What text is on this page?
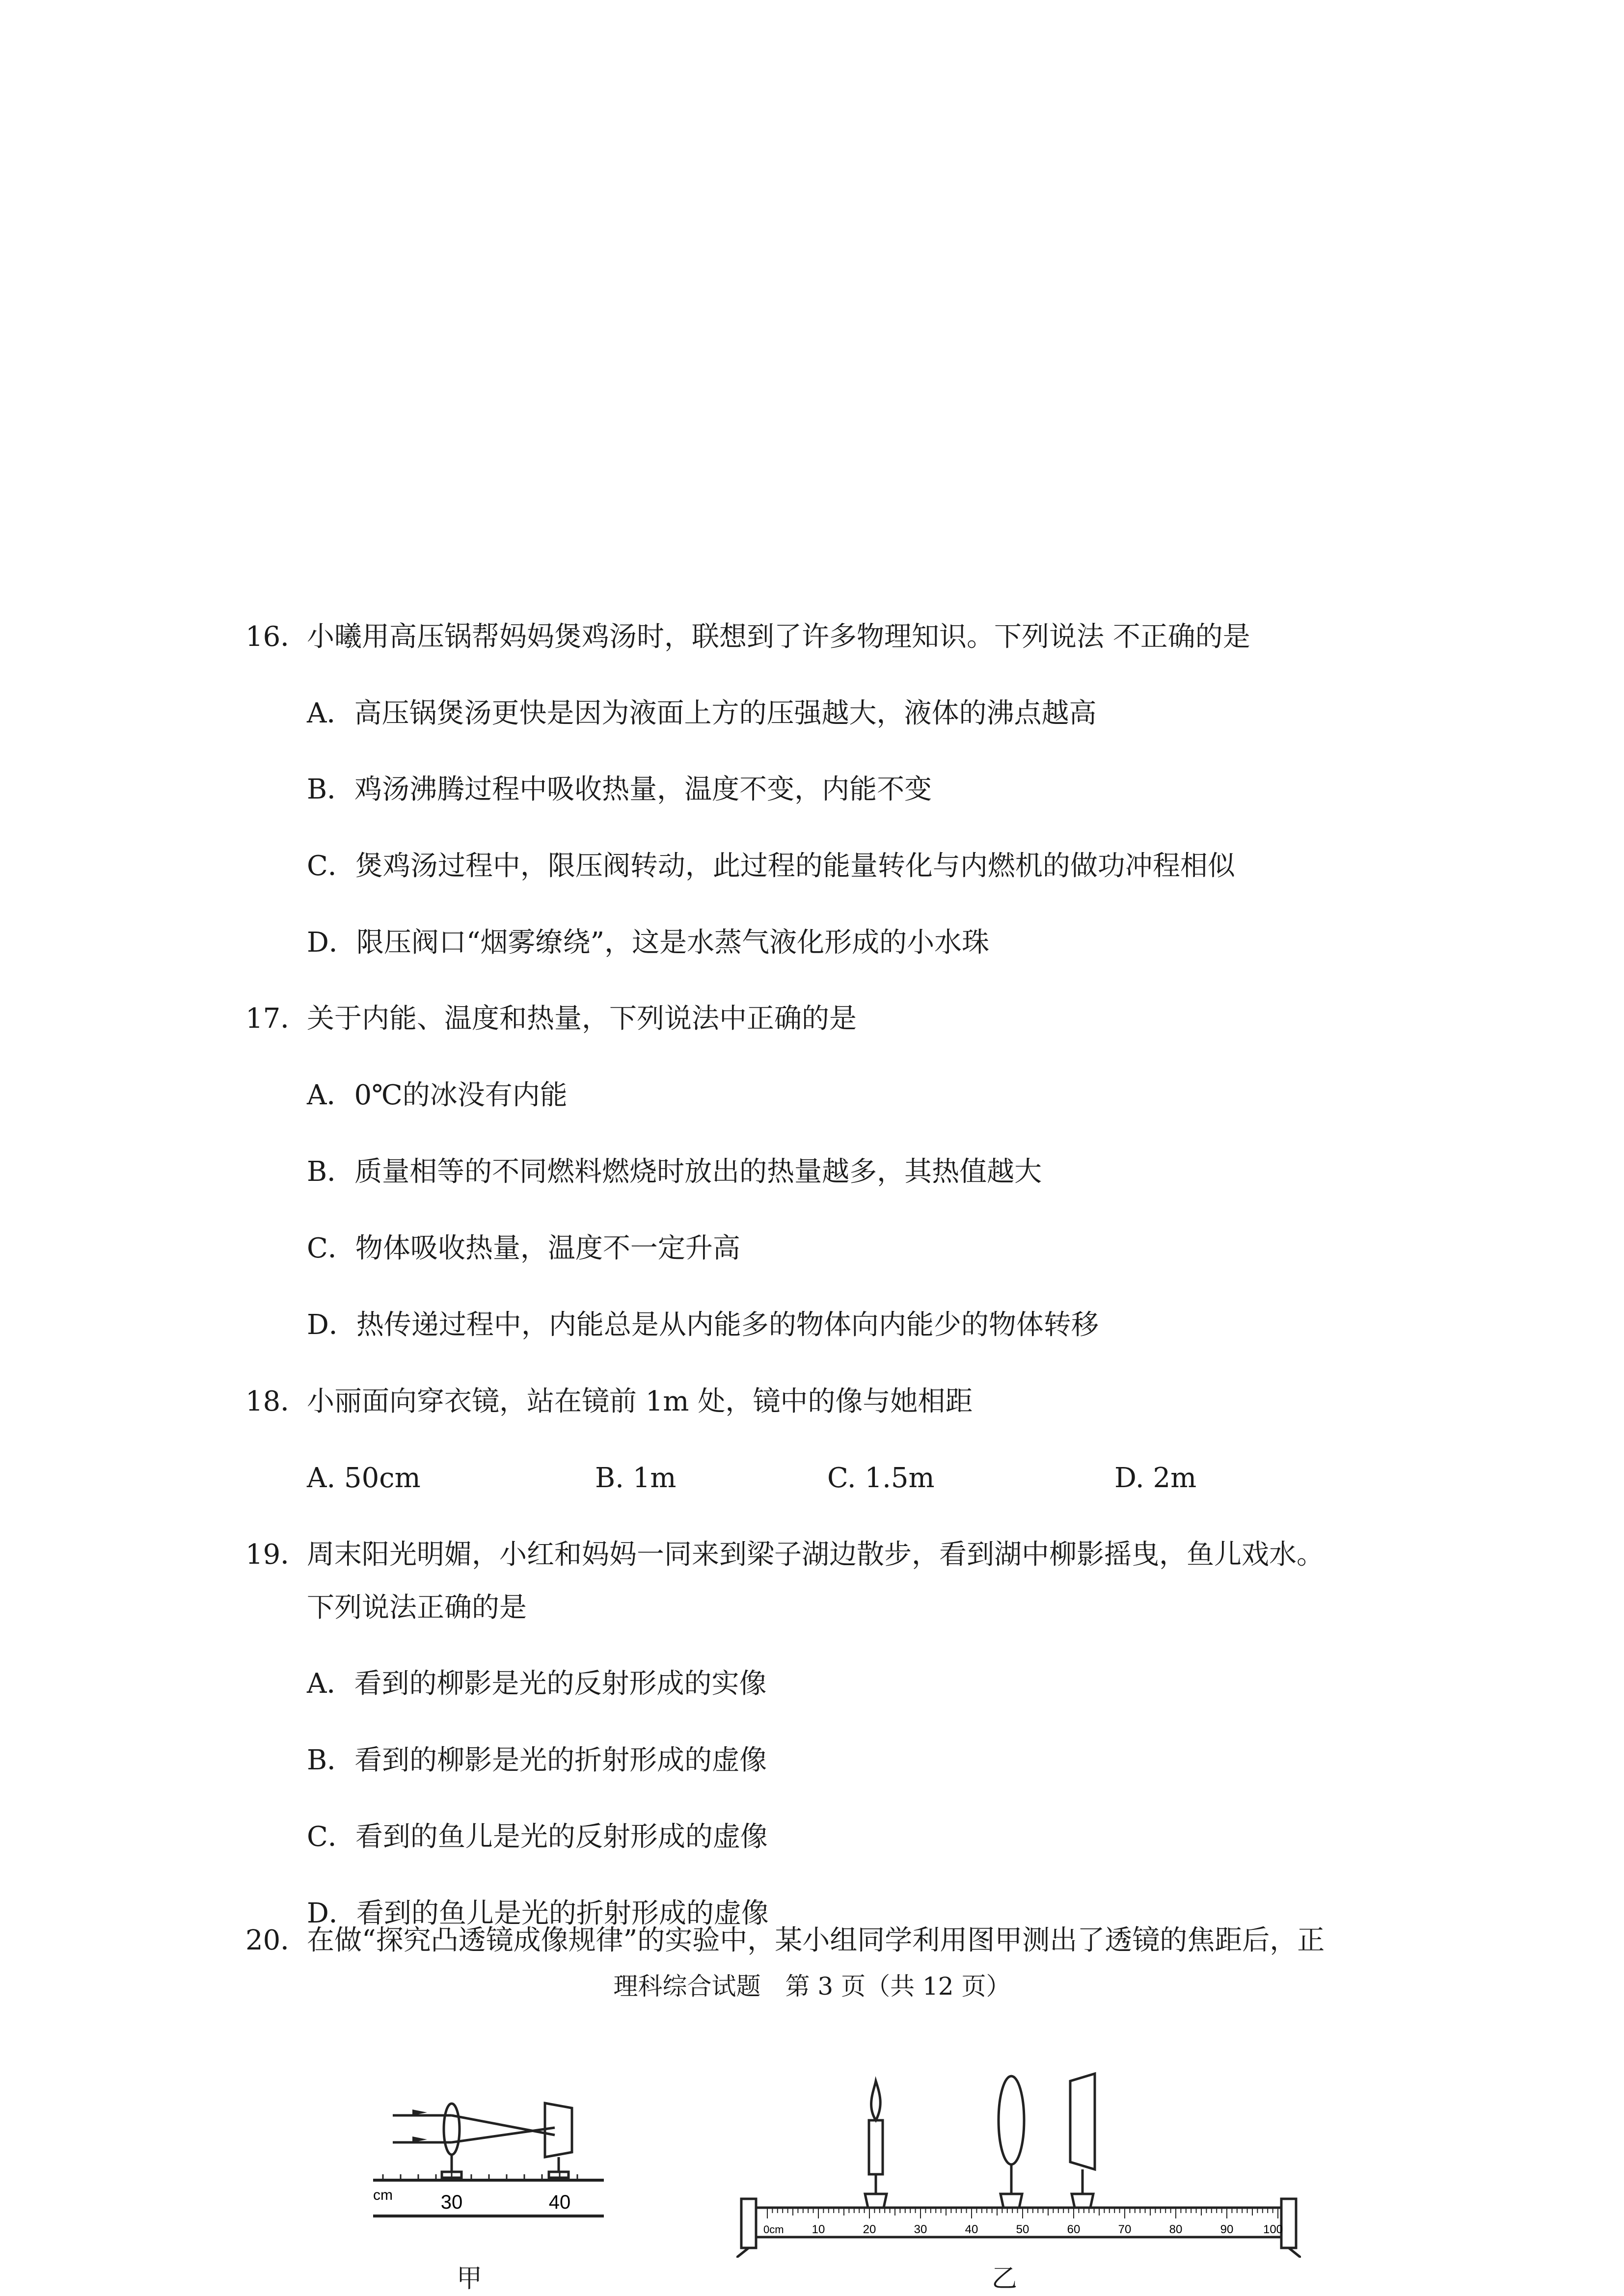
16．小曦用高压锅帮妈妈煲鸡汤时，联想到了许多物理知识。下列说法 不正确的是
A．高压锅煲汤更快是因为液面上方的压强越大，液体的沸点越高
B．鸡汤沸腾过程中吸收热量，温度不变，内能不变
C．煲鸡汤过程中，限压阀转动，此过程的能量转化与内燃机的做功冲程相似
D．限压阀口“烟雾缭绕”，这是水蒸气液化形成的小水珠
17．关于内能、温度和热量，下列说法中正确的是
A．0℃的冰没有内能
B．质量相等的不同燃料燃烧时放出的热量越多，其热值越大
C．物体吸收热量，温度不一定升高
D．热传递过程中，内能总是从内能多的物体向内能少的物体转移
18．小丽面向穿衣镜，站在镜前 1m 处，镜中的像与她相距
A. 50cm	B. 1m	C. 1.5m	D. 2m
19．周末阳光明媚，小红和妈妈一同来到梁子湖边散步，看到湖中柳影摇曳，鱼儿戏水。
下列说法正确的是
A．看到的柳影是光的反射形成的实像
B．看到的柳影是光的折射形成的虚像
C．看到的鱼儿是光的反射形成的虚像
D．看到的鱼儿是光的折射形成的虚像
20．在做“探究凸透镜成像规律”的实验中，某小组同学利用图甲测出了透镜的焦距后，正
理科综合试题　第 3 页（共 12 页）
cm 30	40
甲
0cm 10	20	30	40	50	60	70	80	90	100
乙
